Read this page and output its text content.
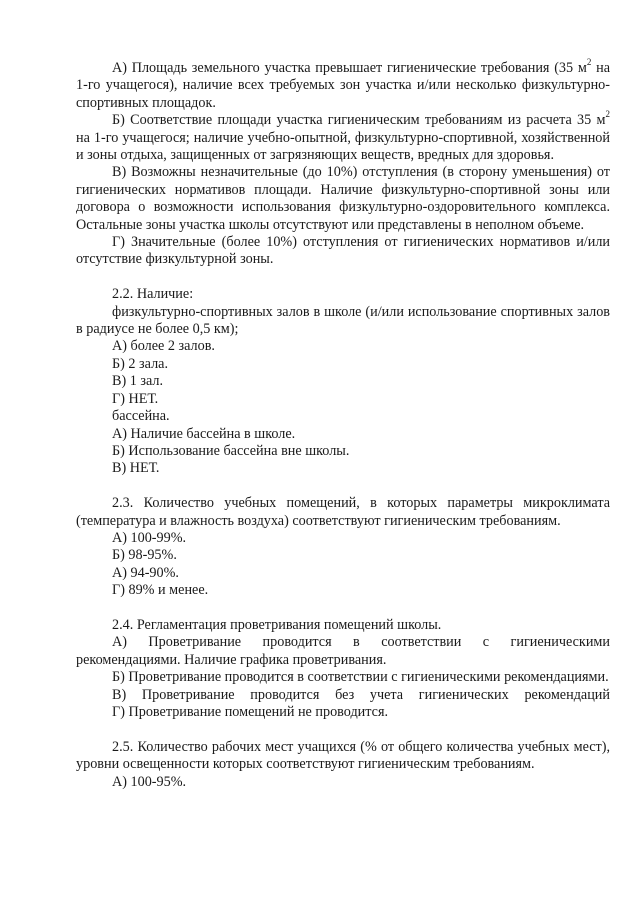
А) Площадь земельного участка превышает гигиенические требования (35 $м^2$ на 1-го учащегося), наличие всех требуемых зон участка и/или несколько физкультурно-спортивных площадок.

Б) Соответствие площади участка гигиеническим требованиям из расчета 35 $м^2$ на 1-го учащегося; наличие учебно-опытной, физкультурно-спортивной, хозяйственной и зоны отдыха, защищенных от загрязняющих веществ, вредных для здоровья.

В) Возможны незначительные (до 10%) отступления (в сторону уменьшения) от гигиенических нормативов площади. Наличие физкультурно-спортивной зоны или договора о возможности использования физкультурно-оздоровительного комплекса. Остальные зоны участка школы отсутствуют или представлены в неполном объеме.

Г) Значительные (более 10%) отступления от гигиенических нормативов и/или отсутствие физкультурной зоны.

2.2. Наличие:

физкультурно-спортивных залов в школе (и/или использование спортивных залов в радиусе не более 0,5 км);

А) более 2 залов.

Б) 2 зала.

В) 1 зал.

Г) НЕТ.

бассейна.

А) Наличие бассейна в школе.

Б) Использование бассейна вне школы.

В) НЕТ.

2.3. Количество учебных помещений, в которых параметры микроклимата (температура и влажность воздуха) соответствуют гигиеническим требованиям.

А) 100-99%.

Б) 98-95%.

А) 94-90%.

Г) 89% и менее.

2.4. Регламентация проветривания помещений школы.

А) Проветривание проводится в соответствии с гигиеническими рекомендациями. Наличие графика проветривания.

Б) Проветривание проводится в соответствии с гигиеническими рекомендациями.

В) Проветривание проводится без учета гигиенических рекомендаций

Г) Проветривание помещений не проводится.

2.5. Количество рабочих мест учащихся (% от общего количества учебных мест), уровни освещенности которых соответствуют гигиеническим требованиям.

А) 100-95%.
